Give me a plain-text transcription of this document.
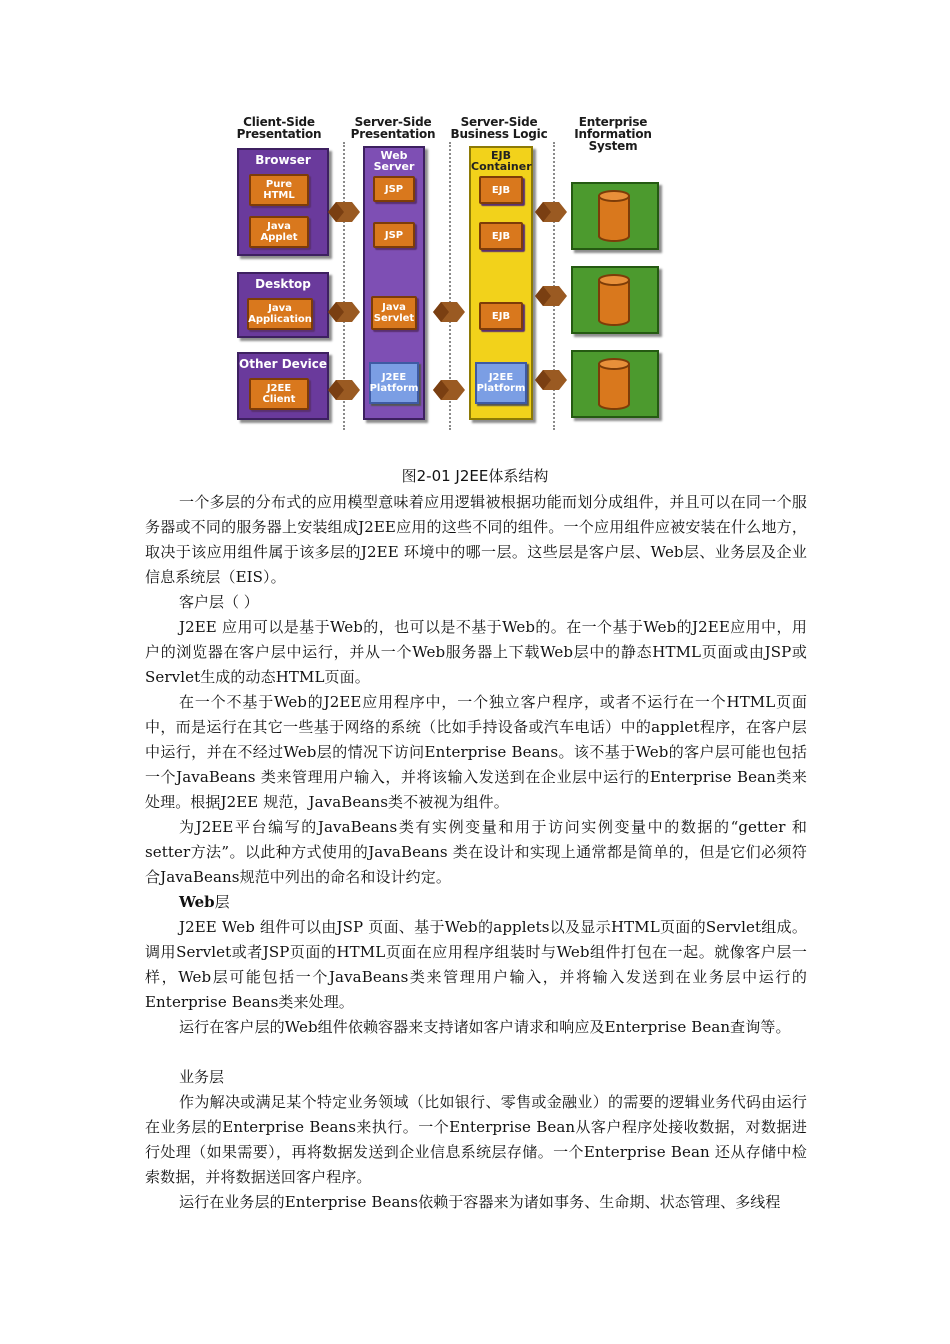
Client-Side
Presentation
Server-Side
Presentation
Server-Side
Business Logic
Enterprise
Information
System
Browser
Pure
HTML
Java
Applet
Desktop
Java
Application
Other Device
J2EE
Client
Web
Server
JSP
JSP
Java
Servlet
J2EE
Platform
EJB
Container
EJB
EJB
EJB
J2EE
Platform
图2-01 J2EE体系结构

一个多层的分布式的应用模型意味着应用逻辑被根据功能而划分成组件，并且可以在同一个服务器或不同的服务器上安装组成J2EE应用的这些不同的组件。一个应用组件应被安装在什么地方，取决于该应用组件属于该多层的J2EE 环境中的哪一层。这些层是客户层、Web层、业务层及企业信息系统层（EIS）。

客户层（ ）

J2EE 应用可以是基于Web的，也可以是不基于Web的。在一个基于Web的J2EE应用中，用户的浏览器在客户层中运行，并从一个Web服务器上下载Web层中的静态HTML页面或由JSP或Servlet生成的动态HTML页面。

在一个不基于Web的J2EE应用程序中，一个独立客户程序，或者不运行在一个HTML页面中，而是运行在其它一些基于网络的系统（比如手持设备或汽车电话）中的applet程序，在客户层中运行，并在不经过Web层的情况下访问Enterprise Beans。该不基于Web的客户层可能也包括一个JavaBeans 类来管理用户输入，并将该输入发送到在企业层中运行的Enterprise Bean类来处理。根据J2EE 规范，JavaBeans类不被视为组件。

为J2EE平台编写的JavaBeans类有实例变量和用于访问实例变量中的数据的“getter 和setter方法”。以此种方式使用的JavaBeans 类在设计和实现上通常都是简单的，但是它们必须符合JavaBeans规范中列出的命名和设计约定。

Web层

J2EE Web 组件可以由JSP 页面、基于Web的applets以及显示HTML页面的Servlet组成。调用Servlet或者JSP页面的HTML页面在应用程序组装时与Web组件打包在一起。就像客户层一样，Web层可能包括一个JavaBeans类来管理用户输入，并将输入发送到在业务层中运行的Enterprise Beans类来处理。

运行在客户层的Web组件依赖容器来支持诸如客户请求和响应及Enterprise Bean查询等。

业务层

作为解决或满足某个特定业务领域（比如银行、零售或金融业）的需要的逻辑业务代码由运行在业务层的Enterprise Beans来执行。一个Enterprise Bean从客户程序处接收数据，对数据进行处理（如果需要），再将数据发送到企业信息系统层存储。一个Enterprise Bean 还从存储中检索数据，并将数据送回客户程序。

运行在业务层的Enterprise Beans依赖于容器来为诸如事务、生命期、状态管理、多线程
